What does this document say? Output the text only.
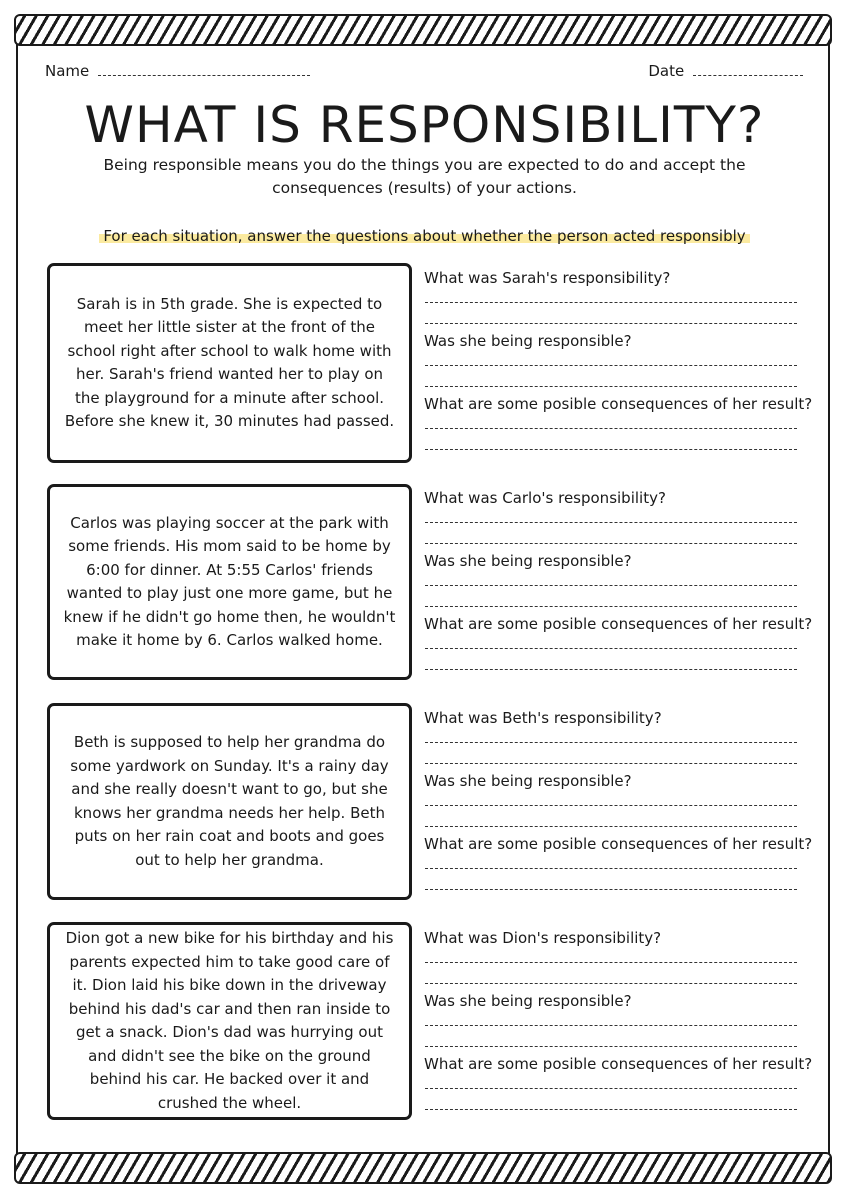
Name	Date
WHAT IS RESPONSIBILITY?

Being responsible means you do the things you are expected to do and accept the consequences (results) of your actions.

For each situation, answer the questions about whether the person acted responsibly
Sarah is in 5th grade. She is expected to meet her little sister at the front of the school right after school to walk home with her. Sarah's friend wanted her to play on the playground for a minute after school. Before she knew it, 30 minutes had passed.
What was Sarah's responsibility?
Was she being responsible?
What are some posible consequences of her result?
Carlos was playing soccer at the park with some friends. His mom said to be home by 6:00 for dinner. At 5:55 Carlos' friends wanted to play just one more game, but he knew if he didn't go home then, he wouldn't make it home by 6. Carlos walked home.
What was Carlo's responsibility?
Was she being responsible?
What are some posible consequences of her result?
Beth is supposed to help her grandma do some yardwork on Sunday. It's a rainy day and she really doesn't want to go, but she knows her grandma needs her help. Beth puts on her rain coat and boots and goes out to help her grandma.
What was Beth's responsibility?
Was she being responsible?
What are some posible consequences of her result?
Dion got a new bike for his birthday and his parents expected him to take good care of it. Dion laid his bike down in the driveway behind his dad's car and then ran inside to get a snack. Dion's dad was hurrying out and didn't see the bike on the ground behind his car. He backed over it and crushed the wheel.
What was Dion's responsibility?
Was she being responsible?
What are some posible consequences of her result?
